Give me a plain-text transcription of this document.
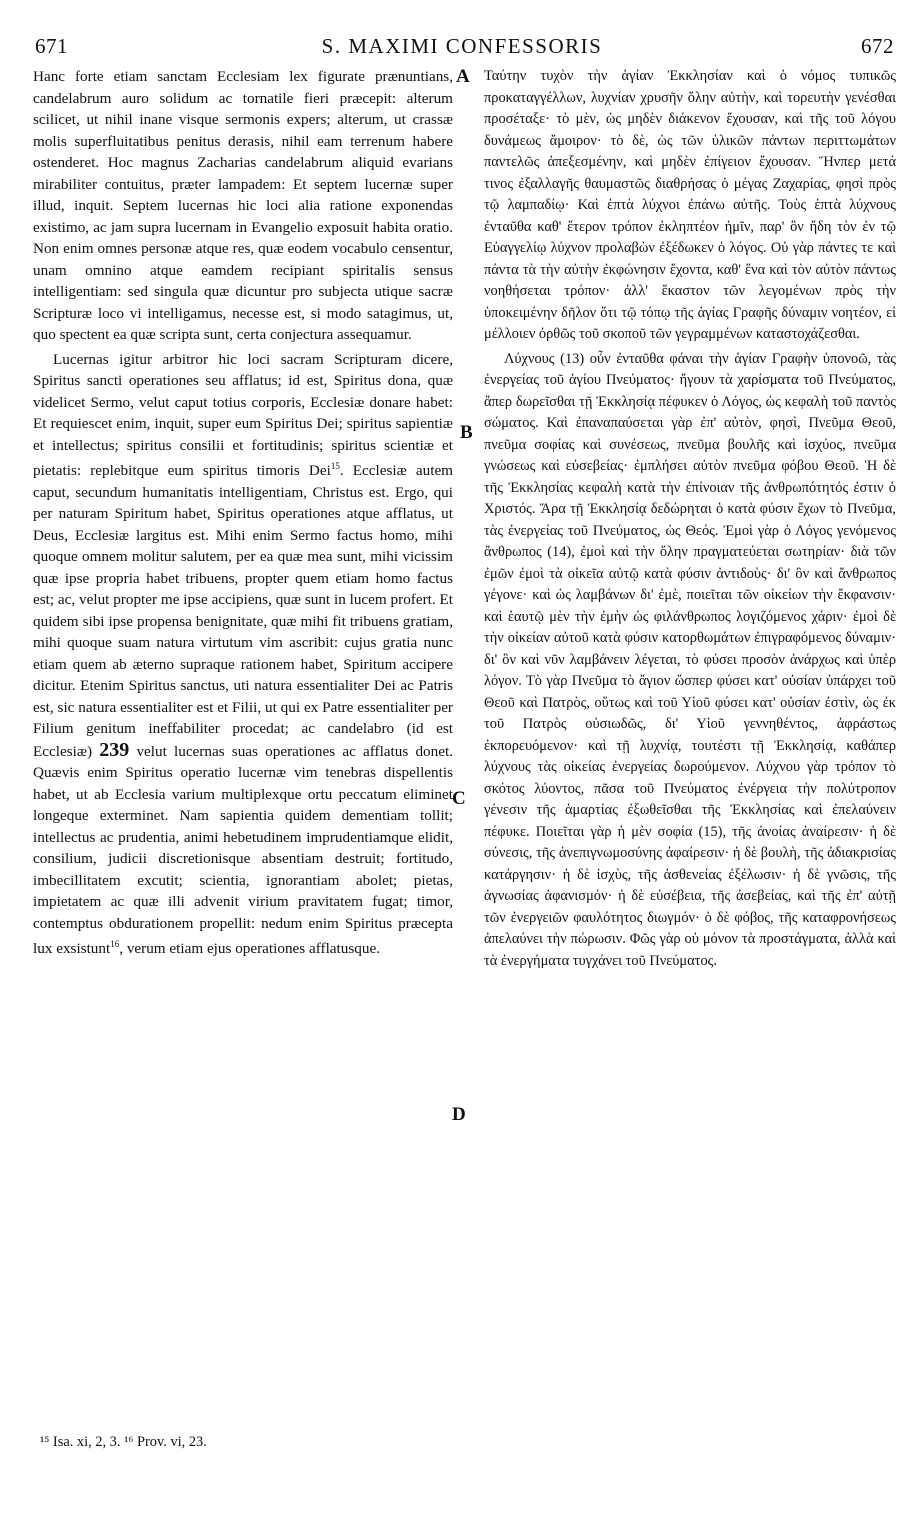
671	S. MAXIMI CONFESSORIS	672

Hanc forte etiam sanctam Ecclesiam lex figurate prænuntians, candelabrum auro solidum ac tornatile fieri præcepit: alterum scilicet, ut nihil inane visque sermonis expers; alterum, ut crassæ molis superfluitatibus penitus derasis, nihil eam terrenum habere ostenderet. Hoc magnus Zacharias candelabrum aliquid evarians mirabiliter contuitus, præter lampadem: Et septem lucernæ super illud, inquit. Septem lucernas hic loci alia ratione exponendas existimo, ac jam supra lucernam in Evangelio exposuit habita oratio. Non enim omnes personæ atque res, quæ eodem vocabulo censentur, unam omnino atque eamdem recipiant spiritalis sensus intelligentiam: sed singula quæ dicuntur pro subjecta utique sacræ Scripturæ loco vi intelligamus, necesse est, si modo satagimus, ut, quo spectent ea quæ scripta sunt, certa conjectura assequamur.

Lucernas igitur arbitror hic loci sacram Scripturam dicere, Spiritus sancti operationes seu afflatus; id est, Spiritus dona, quæ videlicet Sermo, velut caput totius corporis, Ecclesiæ donare habet: Et requiescet enim, inquit, super eum Spiritus Dei; spiritus sapientiæ et intellectus; spiritus consilii et fortitudinis; spiritus scientiæ et pietatis: replebitque eum spiritus timoris Dei$^{15}$. Ecclesiæ autem caput, secundum humanitatis intelligentiam, Christus est. Ergo, qui per naturam Spiritum habet, Spiritus operationes atque afflatus, ut Deus, Ecclesiæ largitus est. Mihi enim Sermo factus homo, mihi quoque omnem molitur salutem, per ea quæ mea sunt, mihi vicissim quæ ipse propria habet tribuens, propter quem etiam homo factus est; ac, velut propter me ipse accipiens, quæ sunt in lucem profert. Et quidem sibi ipse propensa benignitate, quæ mihi fit tribuens gratiam, mihi quoque suam natura virtutum vim ascribit: cujus gratia nunc etiam quem ab æterno supraque rationem habet, Spiritum accipere dicitur. Etenim Spiritus sanctus, uti natura essentialiter Dei ac Patris est, sic natura essentialiter est et Filii, ut qui ex Patre essentialiter per Filium genitum ineffabiliter procedat; ac candelabro (id est Ecclesiæ) 239 velut lucernas suas operationes ac afflatus donet. Quævis enim Spiritus operatio lucernæ vim tenebras dispellentis habet, ut ab Ecclesia varium multiplexque ortu peccatum eliminet longeque exterminet. Nam sapientia quidem dementiam tollit; intellectus ac prudentia, animi hebetudinem imprudentiamque elidit, consilium, judicii discretionisque absentiam destruit; fortitudo, imbecillitatem excutit; scientia, ignorantiam abolet; pietas, impietatem ac quæ illi advenit virium pravitatem fugat; timor, contemptus obdurationem propellit: nedum enim Spiritus præcepta lux exsistunt$^{16}$, verum etiam ejus operationes afflatusque.

A
B
C
D

Ταύτην τυχὸν τὴν ἁγίαν Ἐκκλησίαν καὶ ὁ νόμος τυπικῶς προκαταγγέλλων, λυχνίαν χρυσῆν ὅλην αὐτὴν, καὶ τορευτὴν γενέσθαι προσέταξε· τὸ μὲν, ὡς μηδὲν διάκενον ἔχουσαν, καὶ τῆς τοῦ λόγου δυνάμεως ἄμοιρον· τὸ δὲ, ὡς τῶν ὑλικῶν πάντων περιττωμάτων παντελῶς ἀπεξεσμένην, καὶ μηδὲν ἐπίγειον ἔχουσαν. Ἥνπερ μετά τινος ἐξαλλαγῆς θαυμαστῶς διαθρήσας ὁ μέγας Ζαχαρίας, φησὶ πρὸς τῷ λαμπαδίῳ· Καὶ ἑπτὰ λύχνοι ἐπάνω αὐτῆς. Τοὺς ἑπτὰ λύχνους ἐνταῦθα καθ' ἕτερον τρόπον ἐκληπτέον ἡμῖν, παρ' ὃν ἤδη τὸν ἐν τῷ Εὐαγγελίῳ λύχνον προλαβὼν ἐξέδωκεν ὁ λόγος. Οὐ γὰρ πάντες τε καὶ πάντα τὰ τὴν αὐτὴν ἐκφώνησιν ἔχοντα, καθ' ἕνα καὶ τὸν αὐτὸν πάντως νοηθήσεται τρόπον· ἀλλ' ἕκαστον τῶν λεγομένων πρὸς τὴν ὑποκειμένην δῆλον ὅτι τῷ τόπῳ τῆς ἁγίας Γραφῆς δύναμιν νοητέον, εἰ μέλλοιεν ὀρθῶς τοῦ σκοποῦ τῶν γεγραμμένων καταστοχάζεσθαι.

Λύχνους (13) οὖν ἐνταῦθα φάναι τὴν ἁγίαν Γραφὴν ὑπονοῶ, τὰς ἐνεργείας τοῦ ἁγίου Πνεύματος· ἤγουν τὰ χαρίσματα τοῦ Πνεύματος, ἅπερ δωρεῖσθαι τῇ Ἐκκλησίᾳ πέφυκεν ὁ Λόγος, ὡς κεφαλὴ τοῦ παντὸς σώματος. Καὶ ἐπαναπαύσεται γὰρ ἐπ' αὐτὸν, φησὶ, Πνεῦμα Θεοῦ, πνεῦμα σοφίας καὶ συνέσεως, πνεῦμα βουλῆς καὶ ἰσχύος, πνεῦμα γνώσεως καὶ εὐσεβείας· ἐμπλήσει αὐτὸν πνεῦμα φόβου Θεοῦ. Ἡ δὲ τῆς Ἐκκλησίας κεφαλὴ κατὰ τὴν ἐπίνοιαν τῆς ἀνθρωπότητός ἐστιν ὁ Χριστός. Ἄρα τῇ Ἐκκλησίᾳ δεδώρηται ὁ κατὰ φύσιν ἔχων τὸ Πνεῦμα, τὰς ἐνεργείας τοῦ Πνεύματος, ὡς Θεός. Ἐμοὶ γὰρ ὁ Λόγος γενόμενος ἄνθρωπος (14), ἐμοὶ καὶ τὴν ὅλην πραγματεύεται σωτηρίαν· διὰ τῶν ἐμῶν ἐμοὶ τὰ οἰκεῖα αὐτῷ κατὰ φύσιν ἀντιδοὺς· δι' ὃν καὶ ἄνθρωπος γέγονε· καὶ ὡς λαμβάνων δι' ἐμὲ, ποιεῖται τῶν οἰκείων τὴν ἔκφανσιν· καὶ ἑαυτῷ μὲν τὴν ἐμὴν ὡς φιλάνθρωπος λογιζόμενος χάριν· ἐμοὶ δὲ τὴν οἰκείαν αὐτοῦ κατὰ φύσιν κατορθωμάτων ἐπιγραφόμενος δύναμιν· δι' ὃν καὶ νῦν λαμβάνειν λέγεται, τὸ φύσει προσὸν ἀνάρχως καὶ ὑπὲρ λόγον. Τὸ γὰρ Πνεῦμα τὸ ἅγιον ὥσπερ φύσει κατ' οὐσίαν ὑπάρχει τοῦ Θεοῦ καὶ Πατρὸς, οὕτως καὶ τοῦ Υἱοῦ φύσει κατ' οὐσίαν ἐστὶν, ὡς ἐκ τοῦ Πατρὸς οὐσιωδῶς, δι' Υἱοῦ γεννηθέντος, ἀφράστως ἐκπορευόμενον· καὶ τῇ λυχνίᾳ, τουτέστι τῇ Ἐκκλησίᾳ, καθάπερ λύχνους τὰς οἰκείας ἐνεργείας δωρούμενον. Λύχνου γὰρ τρόπον τὸ σκότος λύοντος, πᾶσα τοῦ Πνεύματος ἐνέργεια τὴν πολύτροπον γένεσιν τῆς ἁμαρτίας ἐξωθεῖσθαι τῆς Ἐκκλησίας καὶ ἐπελαύνειν πέφυκε. Ποιεῖται γὰρ ἡ μὲν σοφία (15), τῆς ἀνοίας ἀναίρεσιν· ἡ δὲ σύνεσις, τῆς ἀνεπιγνωμοσύνης ἀφαίρεσιν· ἡ δὲ βουλὴ, τῆς ἀδιακρισίας κατάργησιν· ἡ δὲ ἰσχὺς, τῆς ἀσθενείας ἐξέλωσιν· ἡ δὲ γνῶσις, τῆς ἀγνωσίας ἀφανισμόν· ἡ δὲ εὐσέβεια, τῆς ἀσεβείας, καὶ τῆς ἐπ' αὐτῇ τῶν ἐνεργειῶν φαυλότητος διωγμόν· ὁ δὲ φόβος, τῆς καταφρονήσεως ἀπελαύνει τὴν πώρωσιν. Φῶς γὰρ οὐ μόνον τὰ προστάγματα, ἀλλὰ καὶ τὰ ἐνεργήματα τυγχάνει τοῦ Πνεύματος.

¹⁵ Isa. xi, 2, 3. ¹⁶ Prov. vi, 23.
